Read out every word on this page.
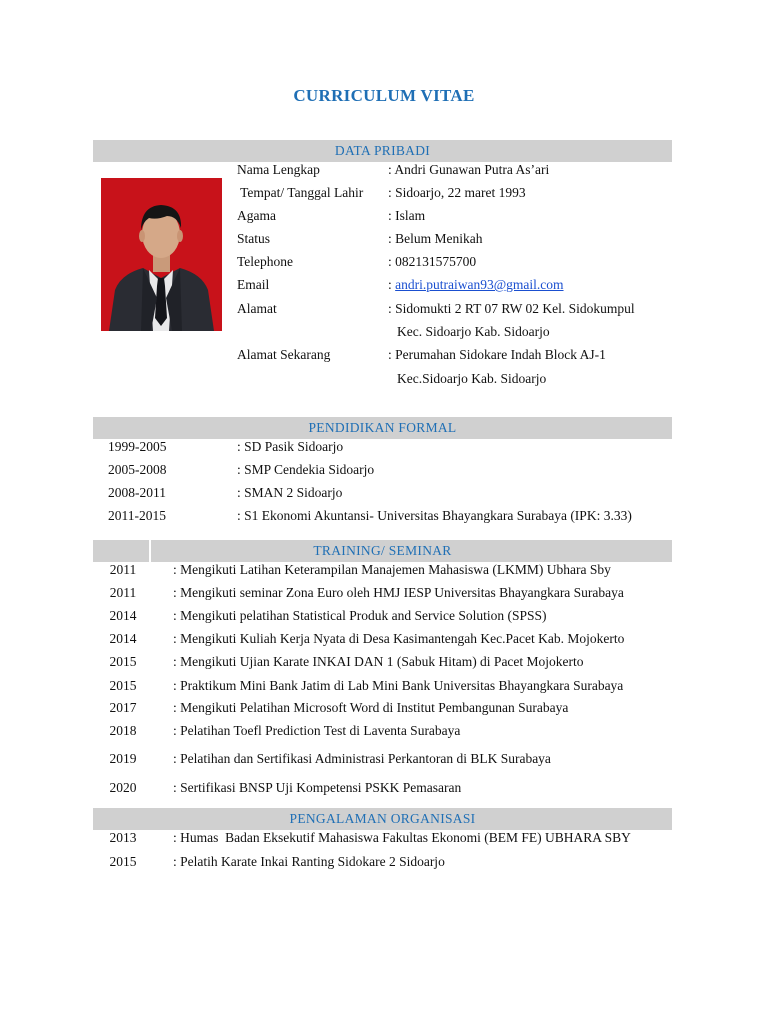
CURRICULUM VITAE
DATA PRIBADI
Nama Lengkap	: Andri Gunawan Putra As’ari
Tempat/ Tanggal Lahir : Sidoarjo, 22 maret 1993
Agama	: Islam
Status	: Belum Menikah
Telephone	: 082131575700
Email	: andri.putraiwan93@gmail.com
Alamat	: Sidomukti 2 RT 07 RW 02 Kel. Sidokumpul
Kec. Sidoarjo Kab. Sidoarjo
Alamat Sekarang	: Perumahan Sidokare Indah Block AJ-1
Kec.Sidoarjo Kab. Sidoarjo
PENDIDIKAN FORMAL
1999-2005	: SD Pasik Sidoarjo
2005-2008	: SMP Cendekia Sidoarjo
2008-2011	: SMAN 2 Sidoarjo
2011-2015	: S1 Ekonomi Akuntansi- Universitas Bhayangkara Surabaya (IPK: 3.33)
TRAINING/ SEMINAR
2011	: Mengikuti Latihan Keterampilan Manajemen Mahasiswa (LKMM) Ubhara Sby
2011	: Mengikuti seminar Zona Euro oleh HMJ IESP Universitas Bhayangkara Surabaya
2014	: Mengikuti pelatihan Statistical Produk and Service Solution (SPSS)
2014	: Mengikuti Kuliah Kerja Nyata di Desa Kasimantengah Kec.Pacet Kab. Mojokerto
2015	: Mengikuti Ujian Karate INKAI DAN 1 (Sabuk Hitam) di Pacet Mojokerto
2015	: Praktikum Mini Bank Jatim di Lab Mini Bank Universitas Bhayangkara Surabaya
2017	: Mengikuti Pelatihan Microsoft Word di Institut Pembangunan Surabaya
2018	: Pelatihan Toefl Prediction Test di Laventa Surabaya
2019	: Pelatihan dan Sertifikasi Administrasi Perkantoran di BLK Surabaya
2020	: Sertifikasi BNSP Uji Kompetensi PSKK Pemasaran
PENGALAMAN ORGANISASI
2013	: Humas  Badan Eksekutif Mahasiswa Fakultas Ekonomi (BEM FE) UBHARA SBY
2015	: Pelatih Karate Inkai Ranting Sidokare 2 Sidoarjo
